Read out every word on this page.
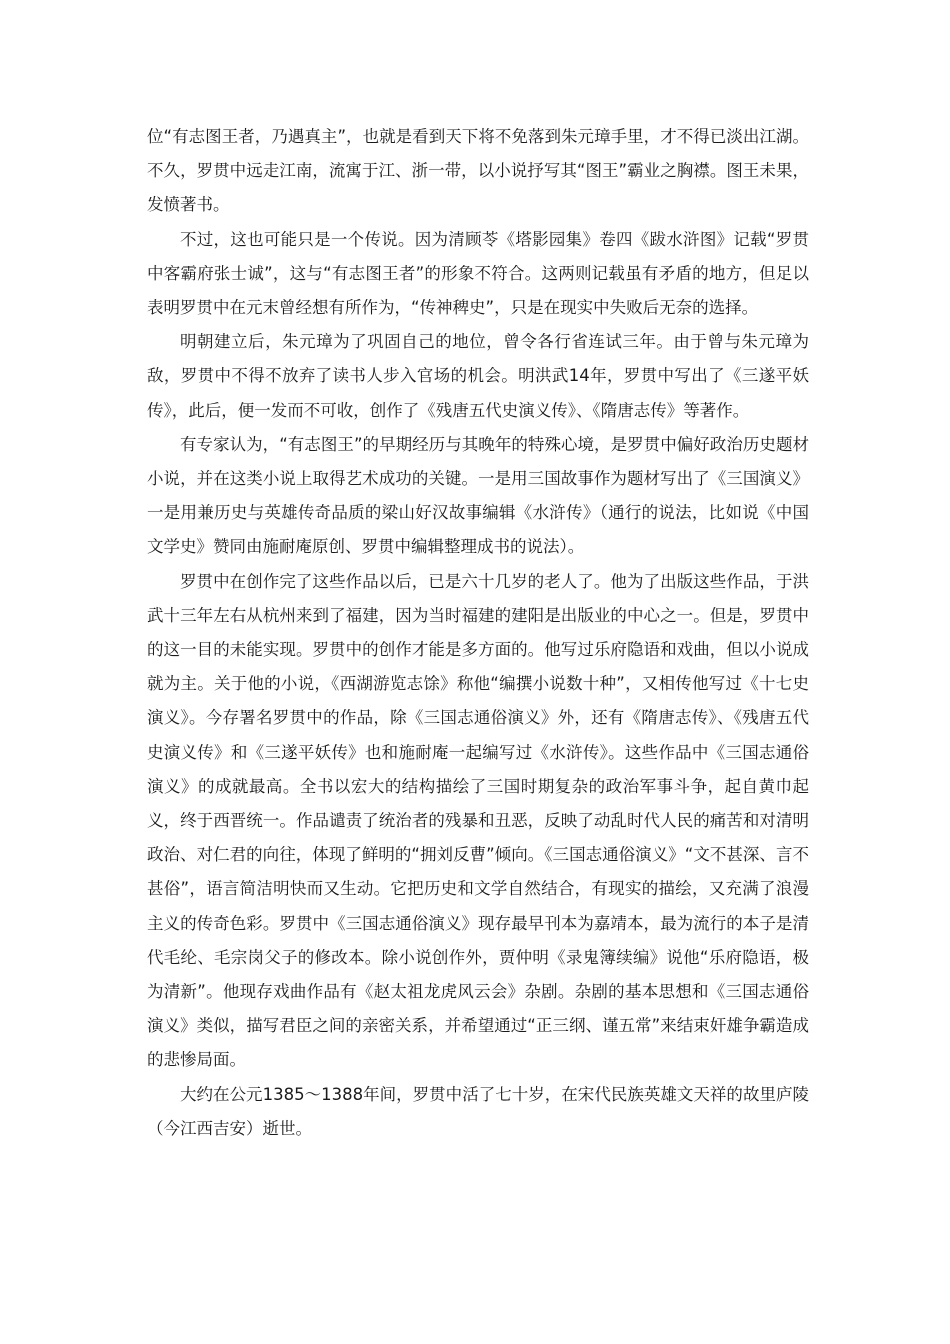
位“有志图王者，乃遇真主”，也就是看到天下将不免落到朱元璋手里，才不得已淡出江湖。不久，罗贯中远走江南，流寓于江、浙一带，以小说抒写其“图王”霸业之胸襟。图王未果，发愤著书。

不过，这也可能只是一个传说。因为清顾苓《塔影园集》卷四《跋水浒图》记载“罗贯中客霸府张士诚”，这与“有志图王者”的形象不符合。这两则记载虽有矛盾的地方，但足以表明罗贯中在元末曾经想有所作为，“传神稗史”，只是在现实中失败后无奈的选择。

明朝建立后，朱元璋为了巩固自己的地位，曾令各行省连试三年。由于曾与朱元璋为敌，罗贯中不得不放弃了读书人步入官场的机会。明洪武14年，罗贯中写出了《三遂平妖传》，此后，便一发而不可收，创作了《残唐五代史演义传》、《隋唐志传》等著作。

有专家认为，“有志图王”的早期经历与其晚年的特殊心境，是罗贯中偏好政治历史题材小说，并在这类小说上取得艺术成功的关键。一是用三国故事作为题材写出了《三国演义》一是用兼历史与英雄传奇品质的梁山好汉故事编辑《水浒传》（通行的说法，比如说《中国文学史》赞同由施耐庵原创、罗贯中编辑整理成书的说法）。

罗贯中在创作完了这些作品以后，已是六十几岁的老人了。他为了出版这些作品，于洪武十三年左右从杭州来到了福建，因为当时福建的建阳是出版业的中心之一。但是，罗贯中的这一目的未能实现。罗贯中的创作才能是多方面的。他写过乐府隐语和戏曲，但以小说成就为主。关于他的小说，《西湖游览志馀》称他“编撰小说数十种”，又相传他写过《十七史演义》。今存署名罗贯中的作品，除《三国志通俗演义》外，还有《隋唐志传》、《残唐五代史演义传》和《三遂平妖传》也和施耐庵一起编写过《水浒传》。这些作品中《三国志通俗演义》的成就最高。全书以宏大的结构描绘了三国时期复杂的政治军事斗争，起自黄巾起义，终于西晋统一。作品谴责了统治者的残暴和丑恶，反映了动乱时代人民的痛苦和对清明政治、对仁君的向往，体现了鲜明的“拥刘反曹”倾向。《三国志通俗演义》“文不甚深、言不甚俗”，语言简洁明快而又生动。它把历史和文学自然结合，有现实的描绘，又充满了浪漫主义的传奇色彩。罗贯中《三国志通俗演义》现存最早刊本为嘉靖本，最为流行的本子是清代毛纶、毛宗岗父子的修改本。除小说创作外，贾仲明《录鬼簿续编》说他“乐府隐语，极为清新”。他现存戏曲作品有《赵太祖龙虎风云会》杂剧。杂剧的基本思想和《三国志通俗演义》类似，描写君臣之间的亲密关系，并希望通过“正三纲、谨五常”来结束奸雄争霸造成的悲惨局面。

大约在公元1385～1388年间，罗贯中活了七十岁，在宋代民族英雄文天祥的故里庐陵（今江西吉安）逝世。
